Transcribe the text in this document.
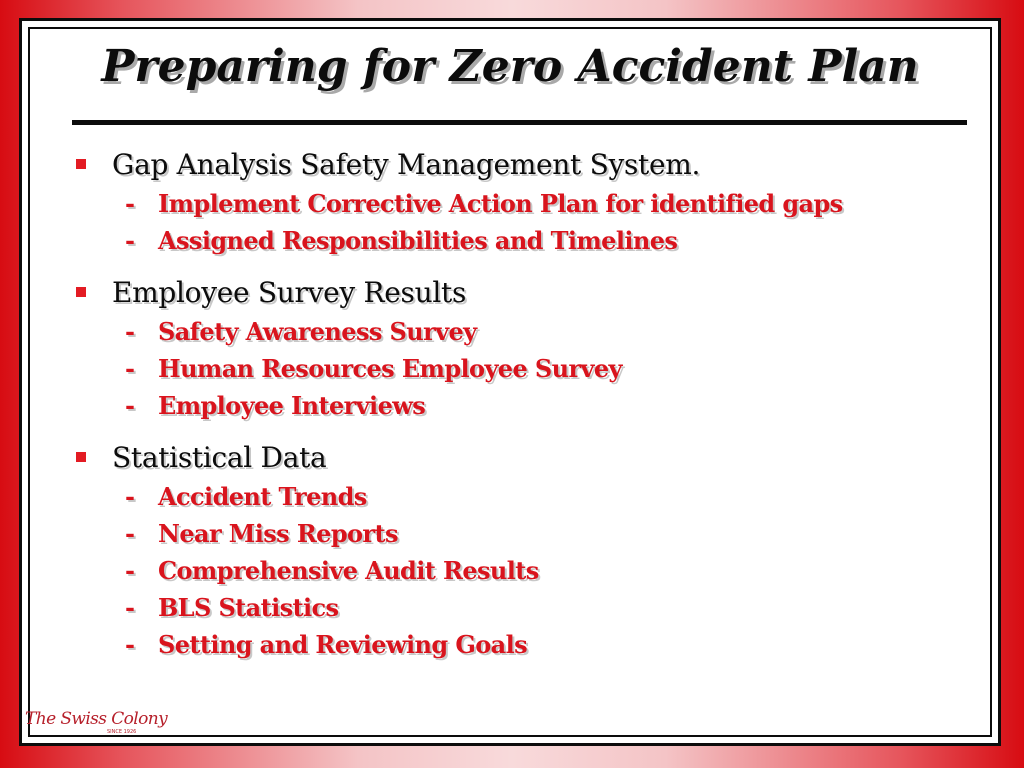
Preparing for Zero Accident Plan
Gap Analysis Safety Management System.
- Implement Corrective Action Plan for identified gaps
- Assigned Responsibilities and Timelines
Employee Survey Results
- Safety Awareness Survey
- Human Resources Employee Survey
- Employee Interviews
Statistical Data
- Accident Trends
- Near Miss Reports
- Comprehensive Audit Results
- BLS Statistics
- Setting and Reviewing Goals
The Swiss Colony
SINCE 1926
